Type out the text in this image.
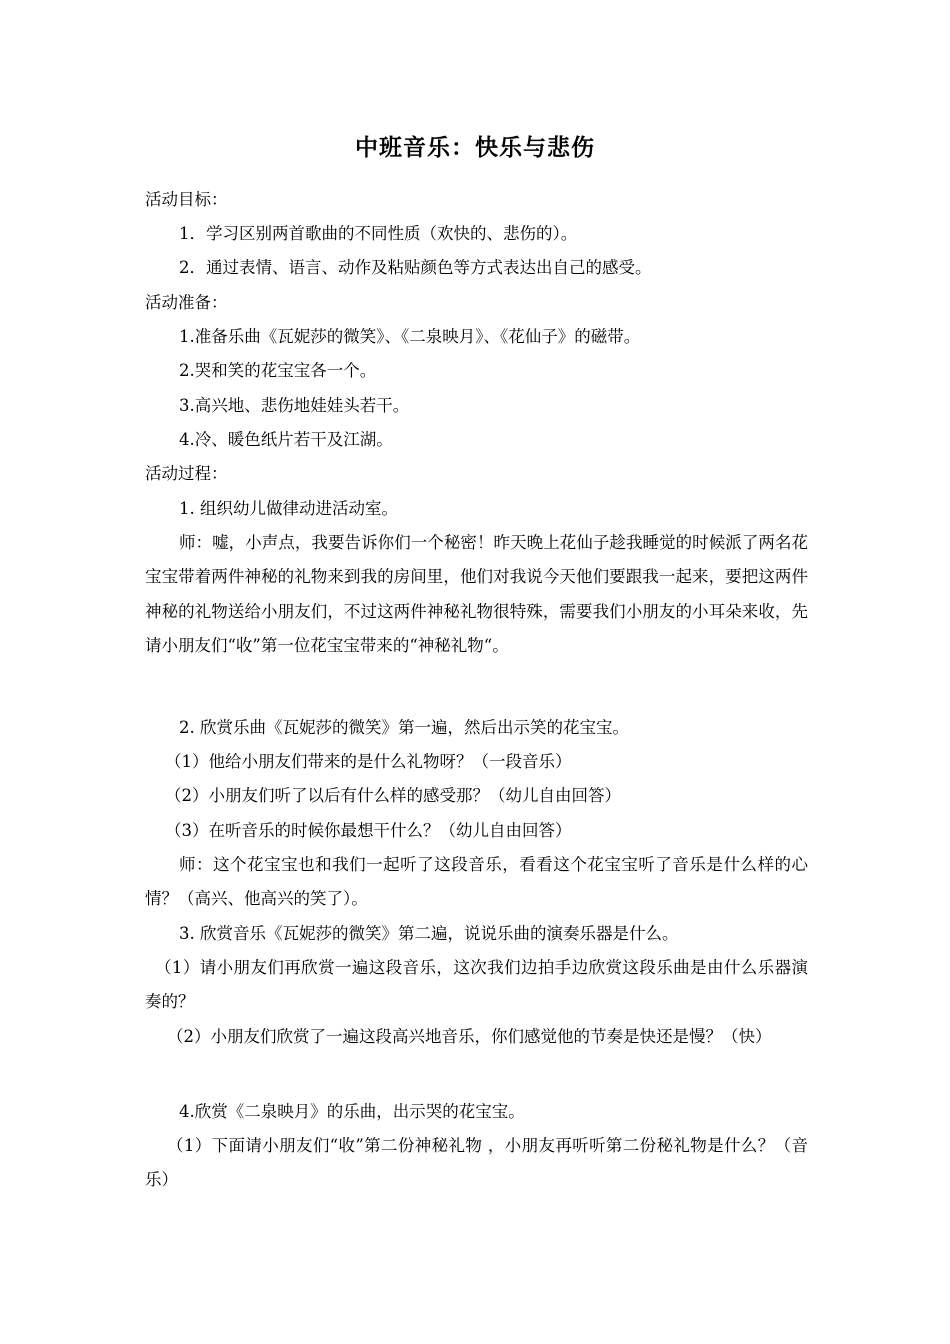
中班音乐：快乐与悲伤
活动目标：
1．学习区别两首歌曲的不同性质（欢快的、悲伤的）。
2．通过表情、语言、动作及粘贴颜色等方式表达出自己的感受。
活动准备：
1.准备乐曲《瓦妮莎的微笑》、《二泉映月》、《花仙子》的磁带。
2.哭和笑的花宝宝各一个。
3.高兴地、悲伤地娃娃头若干。
4.冷、暖色纸片若干及江湖。
活动过程：
1. 组织幼儿做律动进活动室。
师：嘘，小声点，我要告诉你们一个秘密！昨天晚上花仙子趁我睡觉的时候派了两名花宝宝带着两件神秘的礼物来到我的房间里，他们对我说今天他们要跟我一起来，要把这两件神秘的礼物送给小朋友们，不过这两件神秘礼物很特殊，需要我们小朋友的小耳朵来收，先请小朋友们“收”第一位花宝宝带来的“神秘礼物“。
2. 欣赏乐曲《瓦妮莎的微笑》第一遍，然后出示笑的花宝宝。
（1）他给小朋友们带来的是什么礼物呀？（一段音乐）
（2）小朋友们听了以后有什么样的感受那？（幼儿自由回答）
（3）在听音乐的时候你最想干什么？（幼儿自由回答）
师：这个花宝宝也和我们一起听了这段音乐，看看这个花宝宝听了音乐是什么样的心情？（高兴、他高兴的笑了）。
3. 欣赏音乐《瓦妮莎的微笑》第二遍，说说乐曲的演奏乐器是什么。
（1）请小朋友们再欣赏一遍这段音乐，这次我们边拍手边欣赏这段乐曲是由什么乐器演奏的？
（2）小朋友们欣赏了一遍这段高兴地音乐，你们感觉他的节奏是快还是慢？（快）
4.欣赏《二泉映月》的乐曲，出示哭的花宝宝。
（1）下面请小朋友们“收”第二份神秘礼物 ，小朋友再听听第二份秘礼物是什么？（音乐）
